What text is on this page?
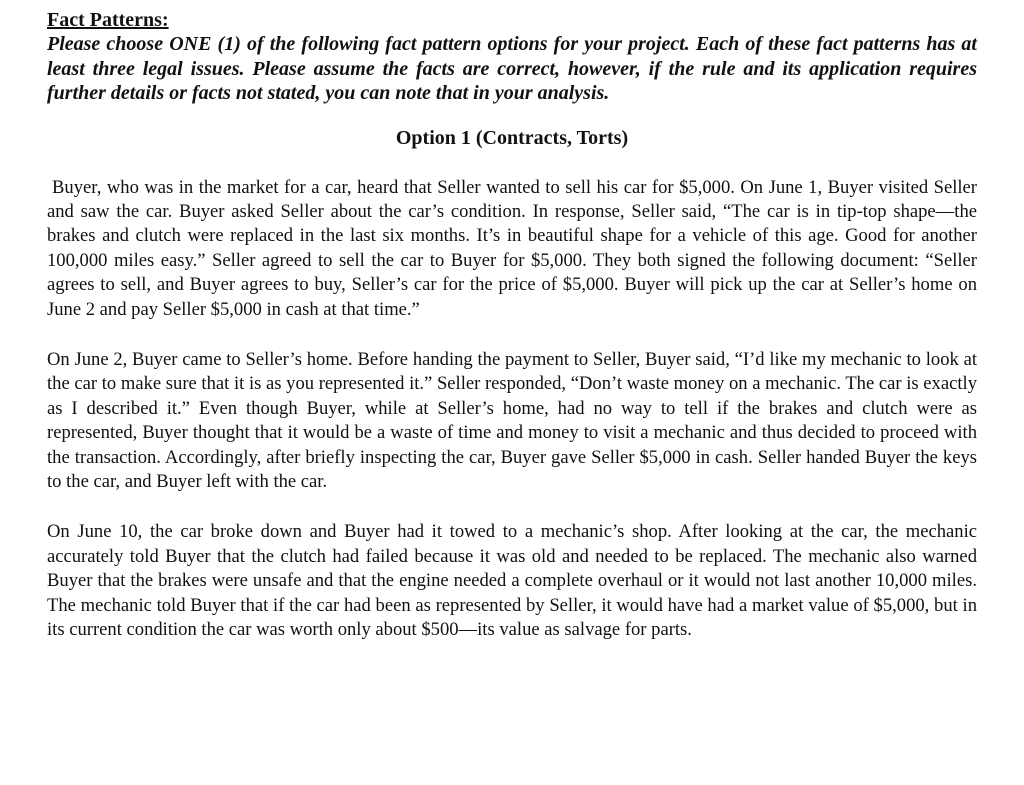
Fact Patterns:

Please choose ONE (1) of the following fact pattern options for your project. Each of these fact patterns has at least three legal issues. Please assume the facts are correct, however, if the rule and its application requires further details or facts not stated, you can note that in your analysis.

Option 1 (Contracts, Torts)

Buyer, who was in the market for a car, heard that Seller wanted to sell his car for $5,000. On June 1, Buyer visited Seller and saw the car. Buyer asked Seller about the car’s condition. In response, Seller said, “The car is in tip-top shape—the brakes and clutch were replaced in the last six months. It’s in beautiful shape for a vehicle of this age. Good for another 100,000 miles easy.” Seller agreed to sell the car to Buyer for $5,000. They both signed the following document: “Seller agrees to sell, and Buyer agrees to buy, Seller’s car for the price of $5,000. Buyer will pick up the car at Seller’s home on June 2 and pay Seller $5,000 in cash at that time.”

On June 2, Buyer came to Seller’s home. Before handing the payment to Seller, Buyer said, “I’d like my mechanic to look at the car to make sure that it is as you represented it.” Seller responded, “Don’t waste money on a mechanic. The car is exactly as I described it.” Even though Buyer, while at Seller’s home, had no way to tell if the brakes and clutch were as represented, Buyer thought that it would be a waste of time and money to visit a mechanic and thus decided to proceed with the transaction. Accordingly, after briefly inspecting the car, Buyer gave Seller $5,000 in cash. Seller handed Buyer the keys to the car, and Buyer left with the car.

On June 10, the car broke down and Buyer had it towed to a mechanic’s shop. After looking at the car, the mechanic accurately told Buyer that the clutch had failed because it was old and needed to be replaced. The mechanic also warned Buyer that the brakes were unsafe and that the engine needed a complete overhaul or it would not last another 10,000 miles. The mechanic told Buyer that if the car had been as represented by Seller, it would have had a market value of $5,000, but in its current condition the car was worth only about $500—its value as salvage for parts.
